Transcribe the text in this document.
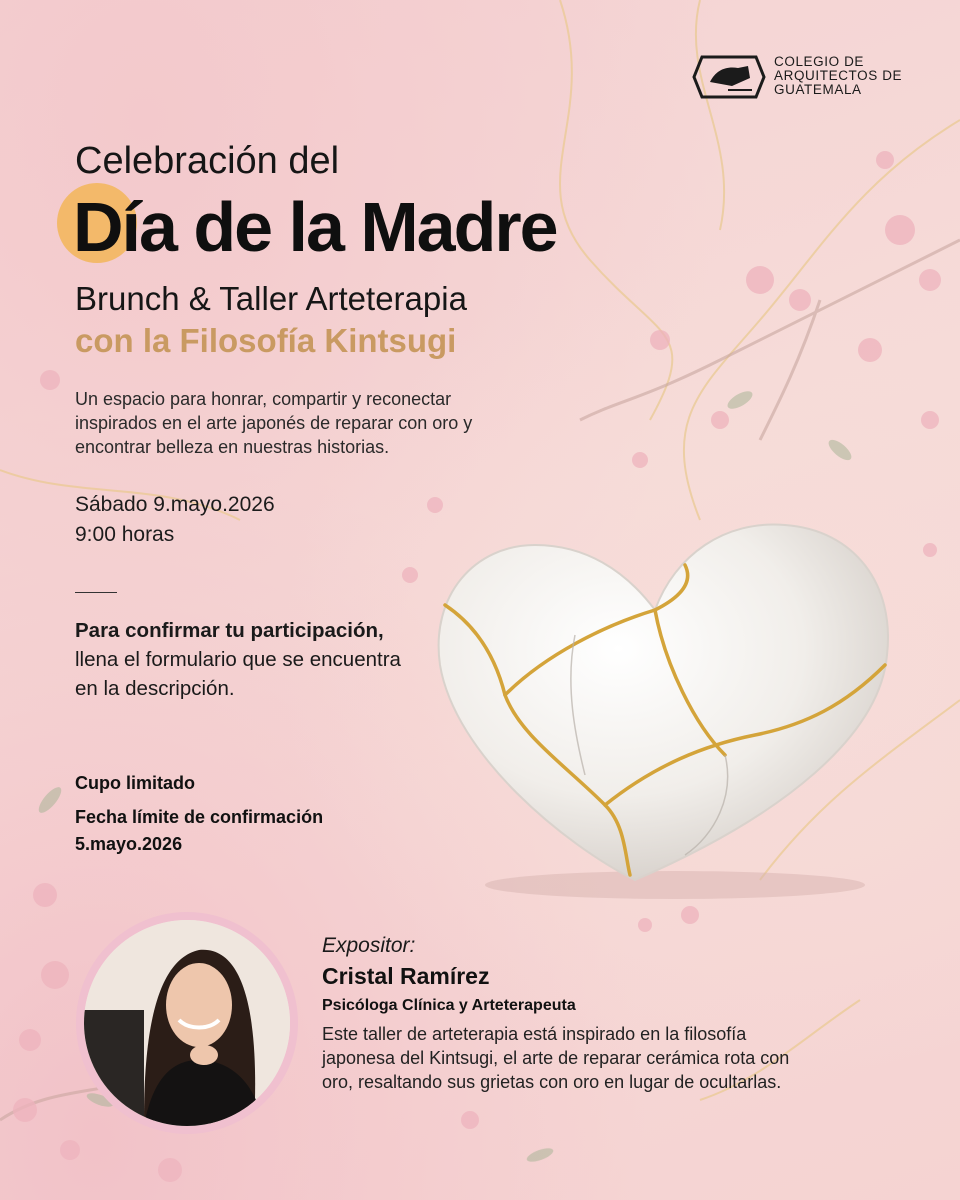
COLEGIO DE
ARQUITECTOS DE
GUATEMALA
Celebración del
Día de la Madre
Brunch & Taller Arteterapia
con la Filosofía Kintsugi
Un espacio para honrar, compartir y reconectar
inspirados en el arte japonés de reparar con oro y
encontrar belleza en nuestras historias.
Sábado 9.mayo.2026
9:00 horas
Para confirmar tu participación, llena el formulario que se encuentra en la descripción.
Cupo limitado
Fecha límite de confirmación
5.mayo.2026
Expositor:
Cristal Ramírez
Psicóloga Clínica y Arteterapeuta
Este taller de arteterapia está inspirado en la filosofía
japonesa del Kintsugi, el arte de reparar cerámica rota con
oro, resaltando sus grietas con oro en lugar de ocultarlas.
